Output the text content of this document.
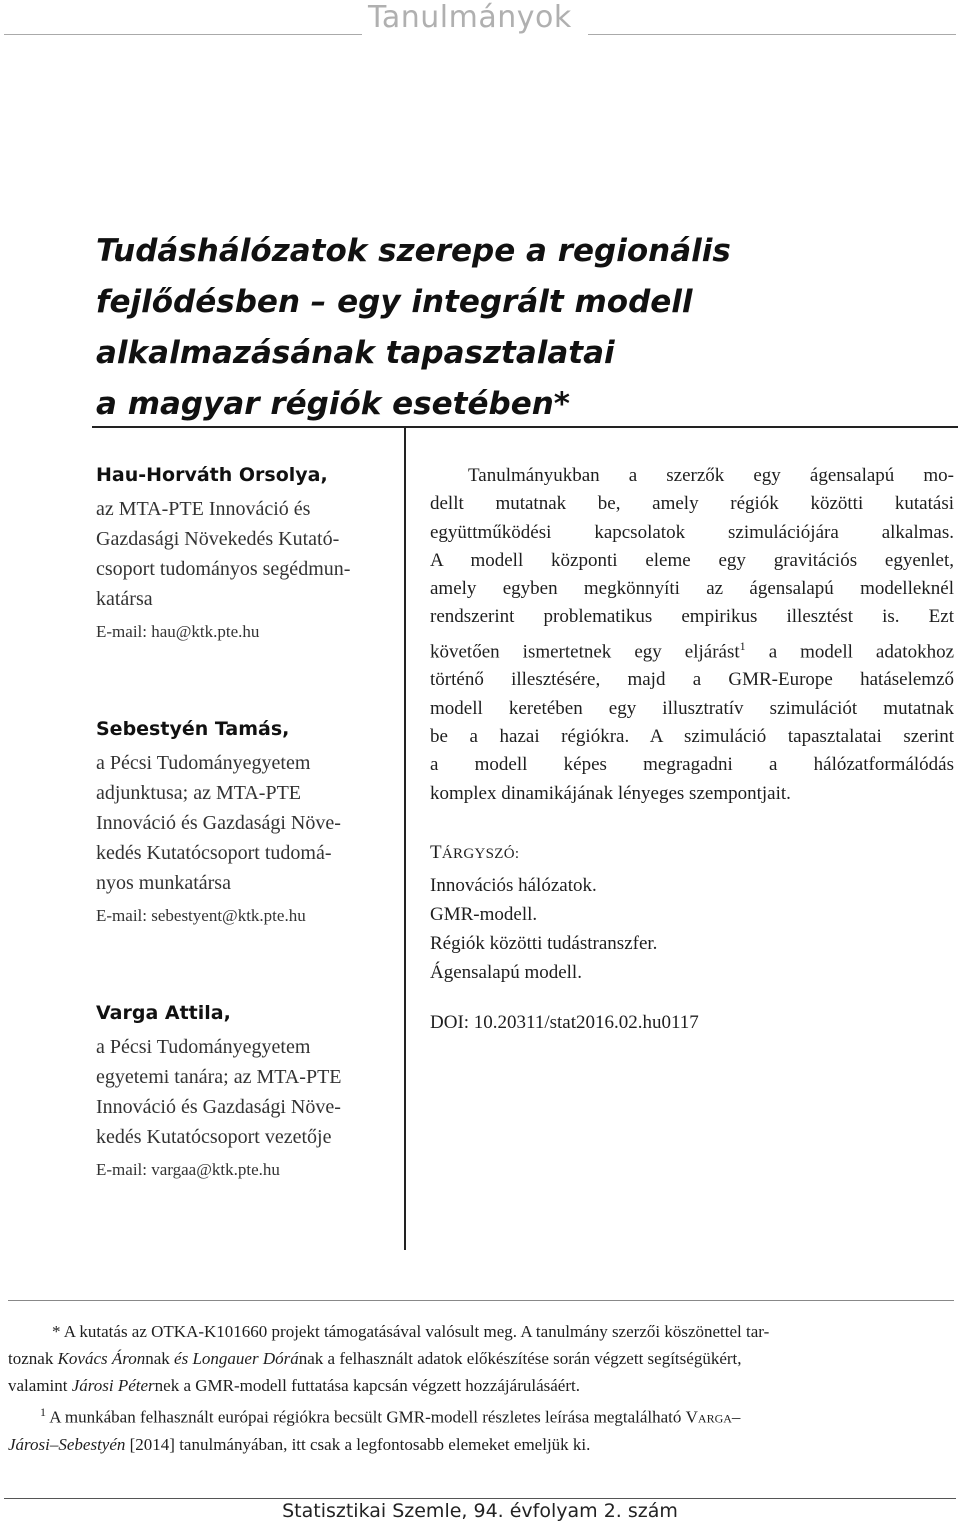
Tanulmányok
Tudáshálózatok szerepe a regionális
fejlődésben – egy integrált modell
alkalmazásának tapasztalatai
a magyar régiók esetében*

Hau-Horváth Orsolya,

az MTA-PTE Innováció és
Gazdasági Növekedés Kutató-
csoport tudományos segédmun-
katársa

E-mail: hau@ktk.pte.hu

Sebestyén Tamás,

a Pécsi Tudományegyetem
adjunktusa; az MTA-PTE
Innováció és Gazdasági Növe-
kedés Kutatócsoport tudomá-
nyos munkatársa

E-mail: sebestyent@ktk.pte.hu

Varga Attila,

a Pécsi Tudományegyetem
egyetemi tanára; az MTA-PTE
Innováció és Gazdasági Növe-
kedés Kutatócsoport vezetője

E-mail: vargaa@ktk.pte.hu

Tanulmányukban a szerzők egy ágensalapú mo-
dellt mutatnak be, amely régiók közötti kutatási
együttműködési kapcsolatok szimulációjára alkalmas.
A modell központi eleme egy gravitációs egyenlet,
amely egyben megkönnyíti az ágensalapú modelleknél
rendszerint problematikus empirikus illesztést is. Ezt
követően ismertetnek egy eljárást$^1$ a modell adatokhoz
történő illesztésére, majd a GMR-Europe hatáselemző
modell keretében egy illusztratív szimulációt mutatnak
be a hazai régiókra. A szimuláció tapasztalatai szerint
a modell képes megragadni a hálózatformálódás
komplex dinamikájának lényeges szempontjait.

TÁRGYSZÓ:

Innovációs hálózatok.

GMR-modell.

Régiók közötti tudástranszfer.

Ágensalapú modell.

DOI: 10.20311/stat2016.02.hu0117

* A kutatás az OTKA-K101660 projekt támogatásával valósult meg. A tanulmány szerzői köszönettel tar-
toznak Kovács Áronnak és Longauer Dórának a felhasznált adatok előkészítése során végzett segítségükért,
valamint Járosi Péternek a GMR-modell futtatása kapcsán végzett hozzájárulásáért.

$^1$ A munkában felhasznált európai régiókra becsült GMR-modell részletes leírása megtalálható Varga–
Járosi–Sebestyén [2014] tanulmányában, itt csak a legfontosabb elemeket emeljük ki.

Statisztikai Szemle, 94. évfolyam 2. szám
